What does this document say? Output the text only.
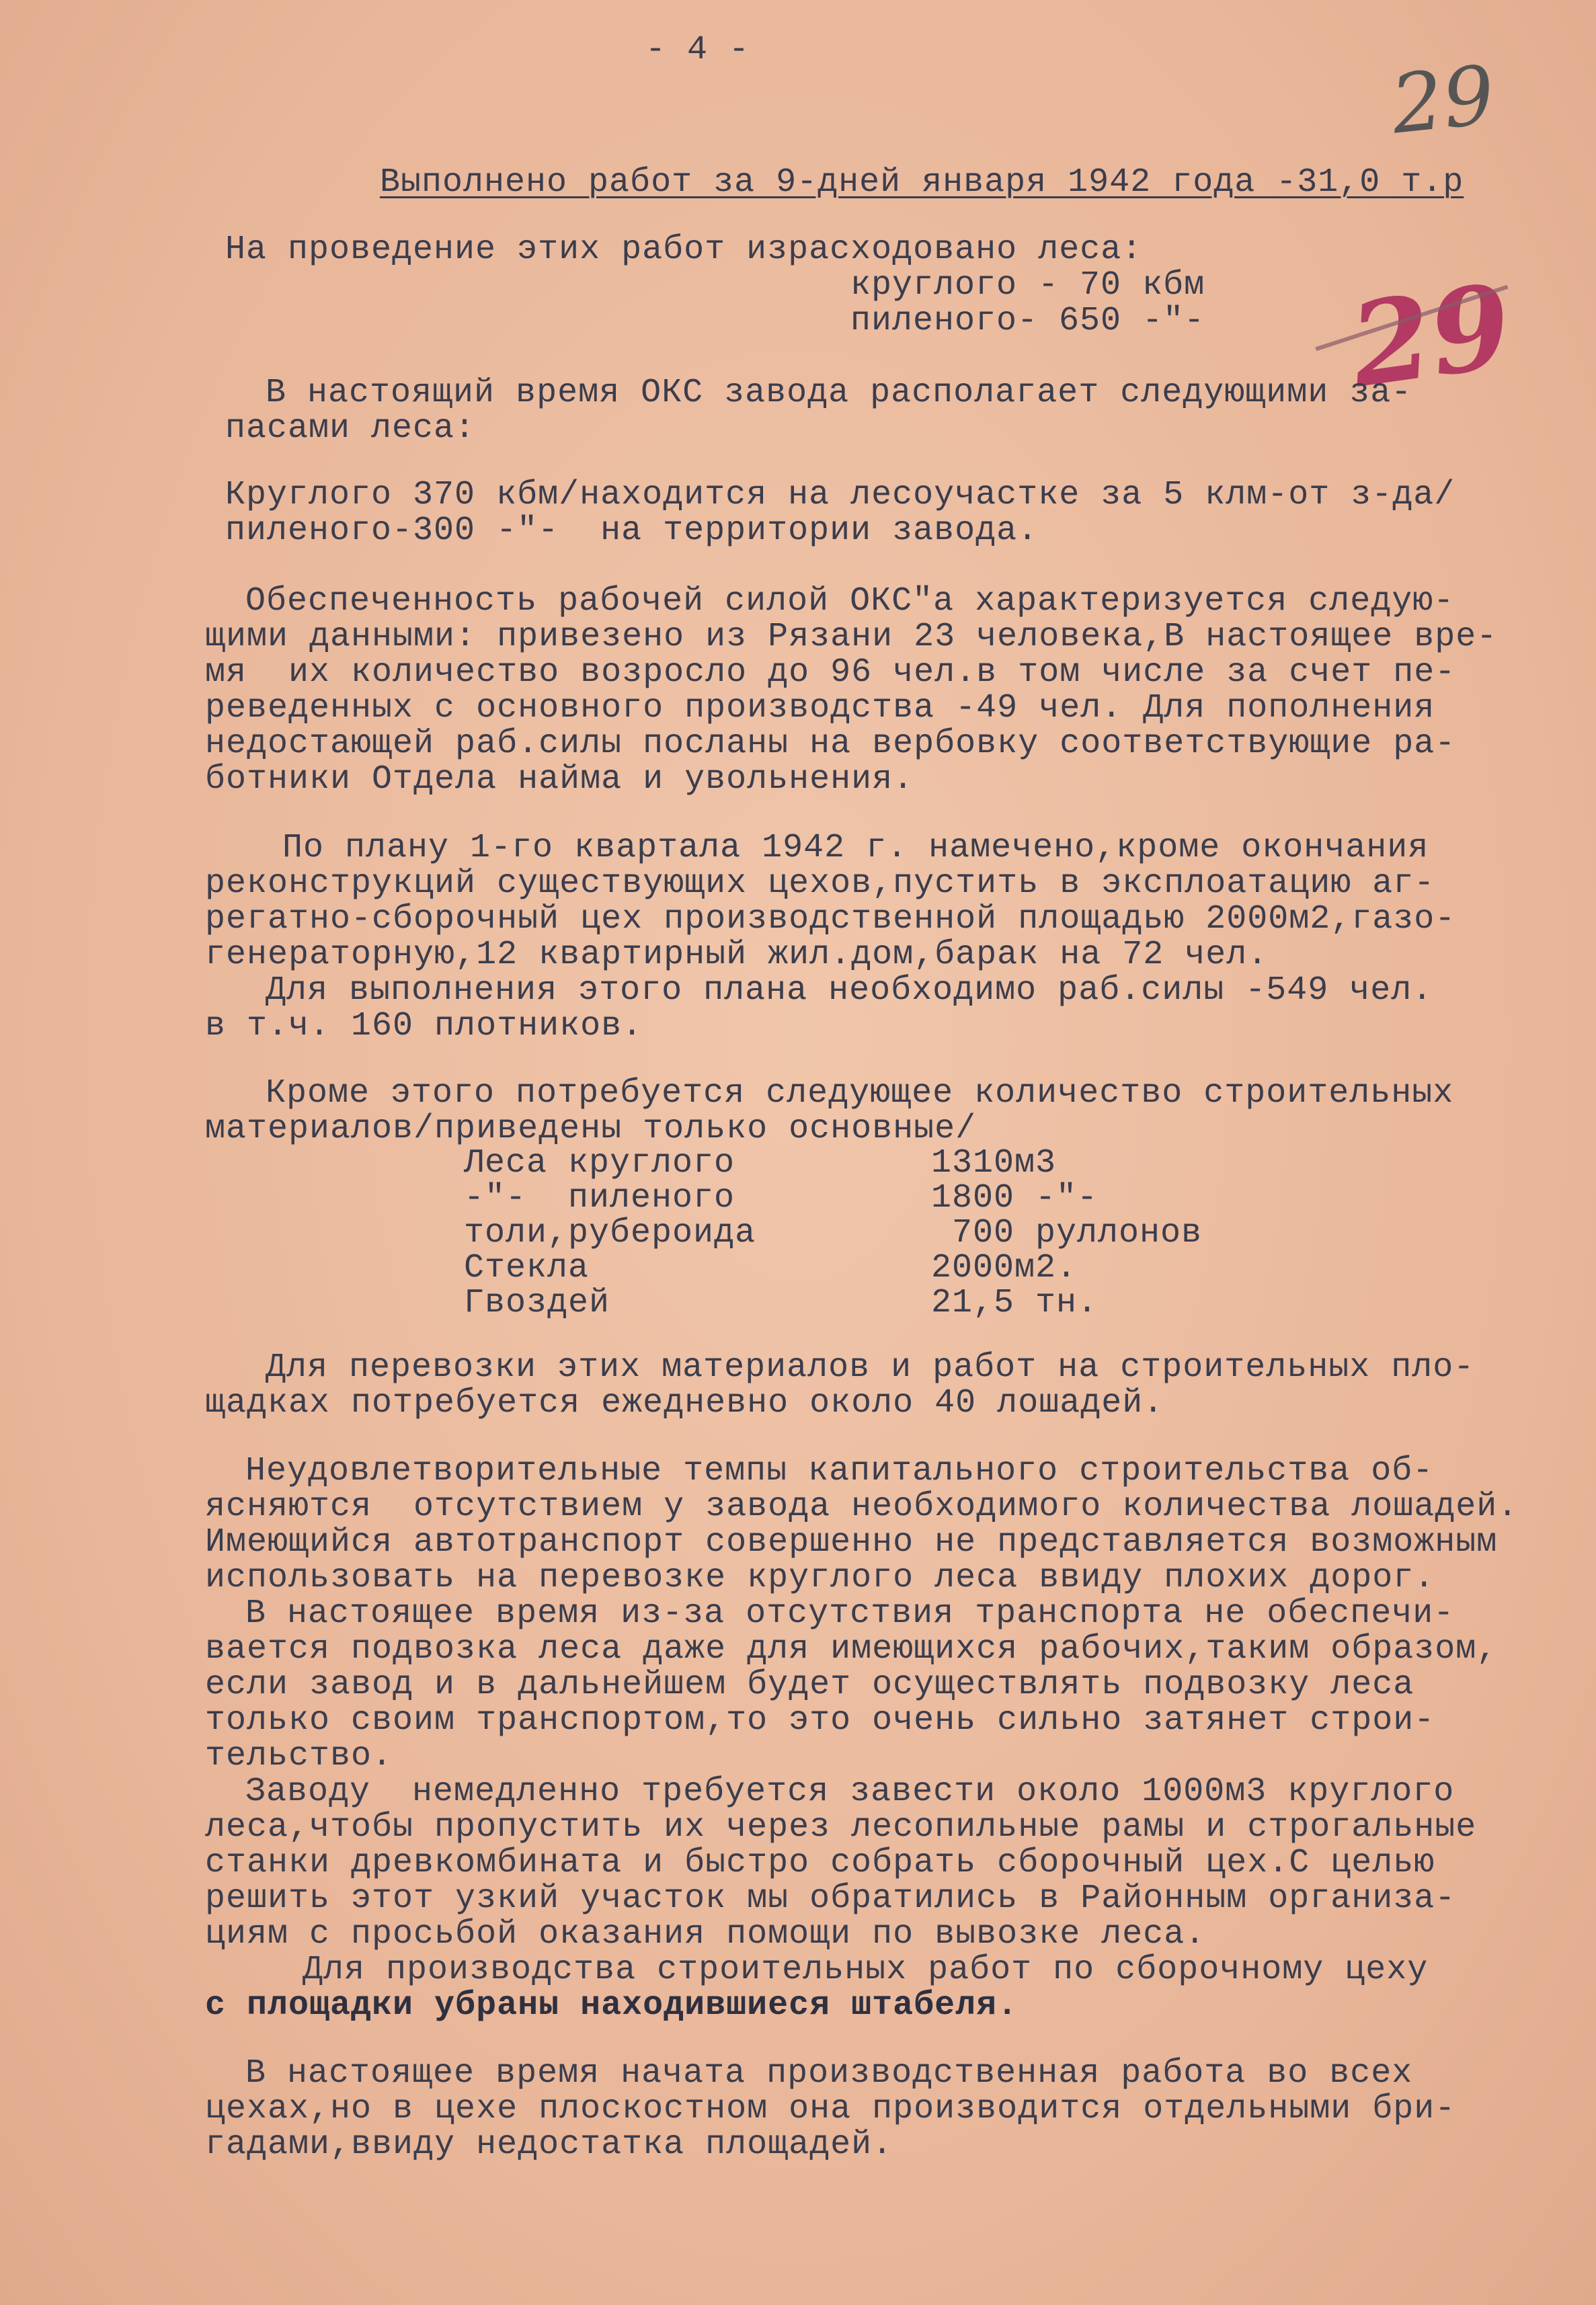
- 4 -	29
29
Выполнено работ за 9-дней января 1942 года -31,0 т.р
На проведение этих работ израсходовано леса:
круглого - 70 кбм
пиленого- 650 -"-
В настоящий время ОКС завода располагает следующими за-
пасами леса:
Круглого 370 кбм/находится на лесоучастке за 5 клм-от з-да/
пиленого-300 -"-  на территории завода.
Обеспеченность рабочей силой ОКС"а характеризуется следую-
щими данными: привезено из Рязани 23 человека,В настоящее вре-
мя  их количество возросло до 96 чел.в том числе за счет пе-
реведенных с основного производства -49 чел. Для пополнения
недостающей раб.силы посланы на вербовку соответствующие ра-
ботники Отдела найма и увольнения.
По плану 1-го квартала 1942 г. намечено,кроме окончания
реконструкций существующих цехов,пустить в эксплоатацию аг-
регатно-сборочный цех производственной площадью 2000м2,газо-
генераторную,12 квартирный жил.дом,барак на 72 чел.
Для выполнения этого плана необходимо раб.силы -549 чел.
в т.ч. 160 плотников.
Кроме этого потребуется следующее количество строительных
материалов/приведены только основные/
Леса круглого	1310м3
-"-  пиленого	1800 -"-
толи,рубероида	700 руллонов
Стекла	2000м2.
Гвоздей	21,5 тн.
Для перевозки этих материалов и работ на строительных пло-
щадках потребуется ежедневно около 40 лошадей.
Неудовлетворительные темпы капитального строительства об-
ясняются  отсутствием у завода необходимого количества лошадей.
Имеющийся автотранспорт совершенно не представляется возможным
использовать на перевозке круглого леса ввиду плохих дорог.
В настоящее время из-за отсутствия транспорта не обеспечи-
вается подвозка леса даже для имеющихся рабочих,таким образом,
если завод и в дальнейшем будет осуществлять подвозку леса
только своим транспортом,то это очень сильно затянет строи-
тельство.
Заводу  немедленно требуется завести около 1000м3 круглого
леса,чтобы пропустить их через лесопильные рамы и строгальные
станки древкомбината и быстро собрать сборочный цех.С целью
решить этот узкий участок мы обратились в Районным организа-
циям с просьбой оказания помощи по вывозке леса.
Для производства строительных работ по сборочному цеху
с площадки убраны находившиеся штабеля.
В настоящее время начата производственная работа во всех
цехах,но в цехе плоскостном она производится отдельными бри-
гадами,ввиду недостатка площадей.
